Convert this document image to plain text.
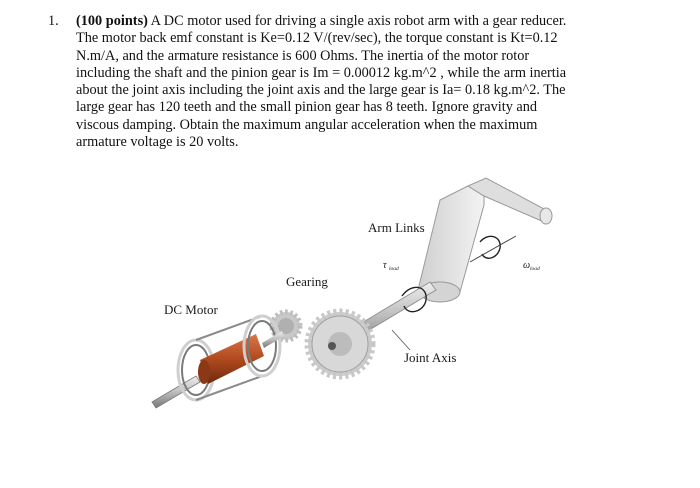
1. (100 points) A DC motor used for driving a single axis robot arm with a gear reducer.
The motor back emf constant is Ke=0.12 V/(rev/sec), the torque constant is Kt=0.12
N.m/A, and the armature resistance is 600 Ohms. The inertia of the motor rotor
including the shaft and the pinion gear is Im = 0.00012 kg.m^2 , while the arm inertia
about the joint axis including the joint axis and the large gear is Ia= 0.18 kg.m^2. The
large gear has 120 teeth and the small pinion gear has 8 teeth. Ignore gravity and
viscous damping. Obtain the maximum angular acceleration when the maximum
armature voltage is 20 volts.
Arm Links
Gearing
DC Motor
Joint Axis
τ load	ω load
